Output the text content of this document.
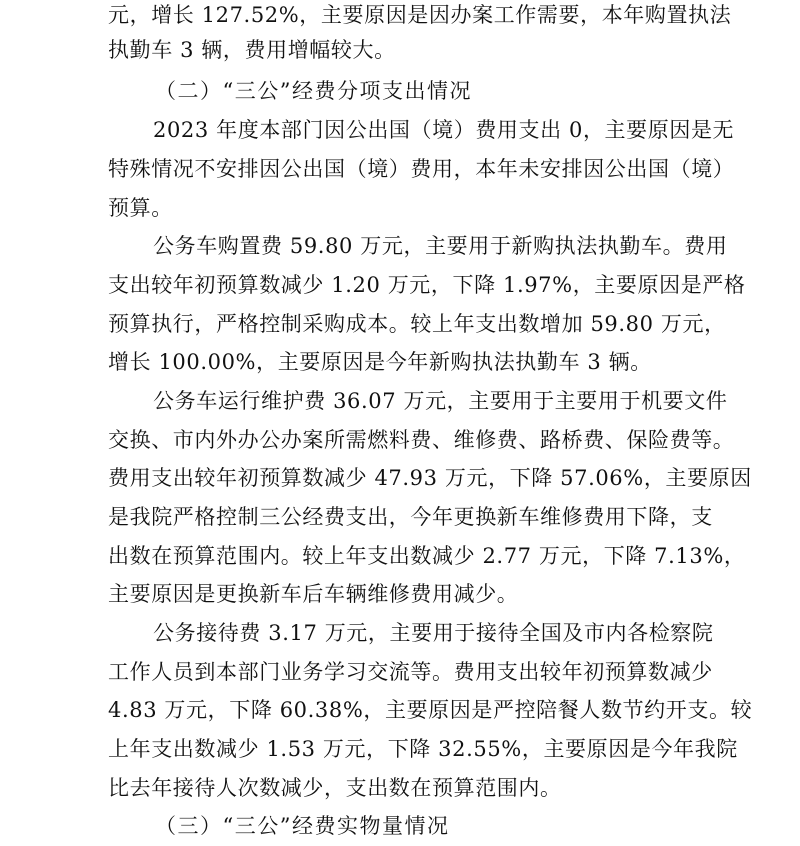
元，增长 127.52%，主要原因是因办案工作需要，本年购置执法
执勤车 3 辆，费用增幅较大。
（二）“三公”经费分项支出情况
2023 年度本部门因公出国（境）费用支出 0，主要原因是无
特殊情况不安排因公出国（境）费用，本年未安排因公出国（境）
预算。
公务车购置费 59.80 万元，主要用于新购执法执勤车。费用
支出较年初预算数减少 1.20 万元，下降 1.97%，主要原因是严格
预算执行，严格控制采购成本。较上年支出数增加 59.80 万元，
增长 100.00%，主要原因是今年新购执法执勤车 3 辆。
公务车运行维护费 36.07 万元，主要用于主要用于机要文件
交换、市内外办公办案所需燃料费、维修费、路桥费、保险费等。
费用支出较年初预算数减少 47.93 万元，下降 57.06%，主要原因
是我院严格控制三公经费支出，今年更换新车维修费用下降，支
出数在预算范围内。较上年支出数减少 2.77 万元，下降 7.13%，
主要原因是更换新车后车辆维修费用减少。
公务接待费 3.17 万元，主要用于接待全国及市内各检察院
工作人员到本部门业务学习交流等。费用支出较年初预算数减少
4.83 万元，下降 60.38%，主要原因是严控陪餐人数节约开支。较
上年支出数减少 1.53 万元，下降 32.55%，主要原因是今年我院
比去年接待人次数减少，支出数在预算范围内。
（三）“三公”经费实物量情况
